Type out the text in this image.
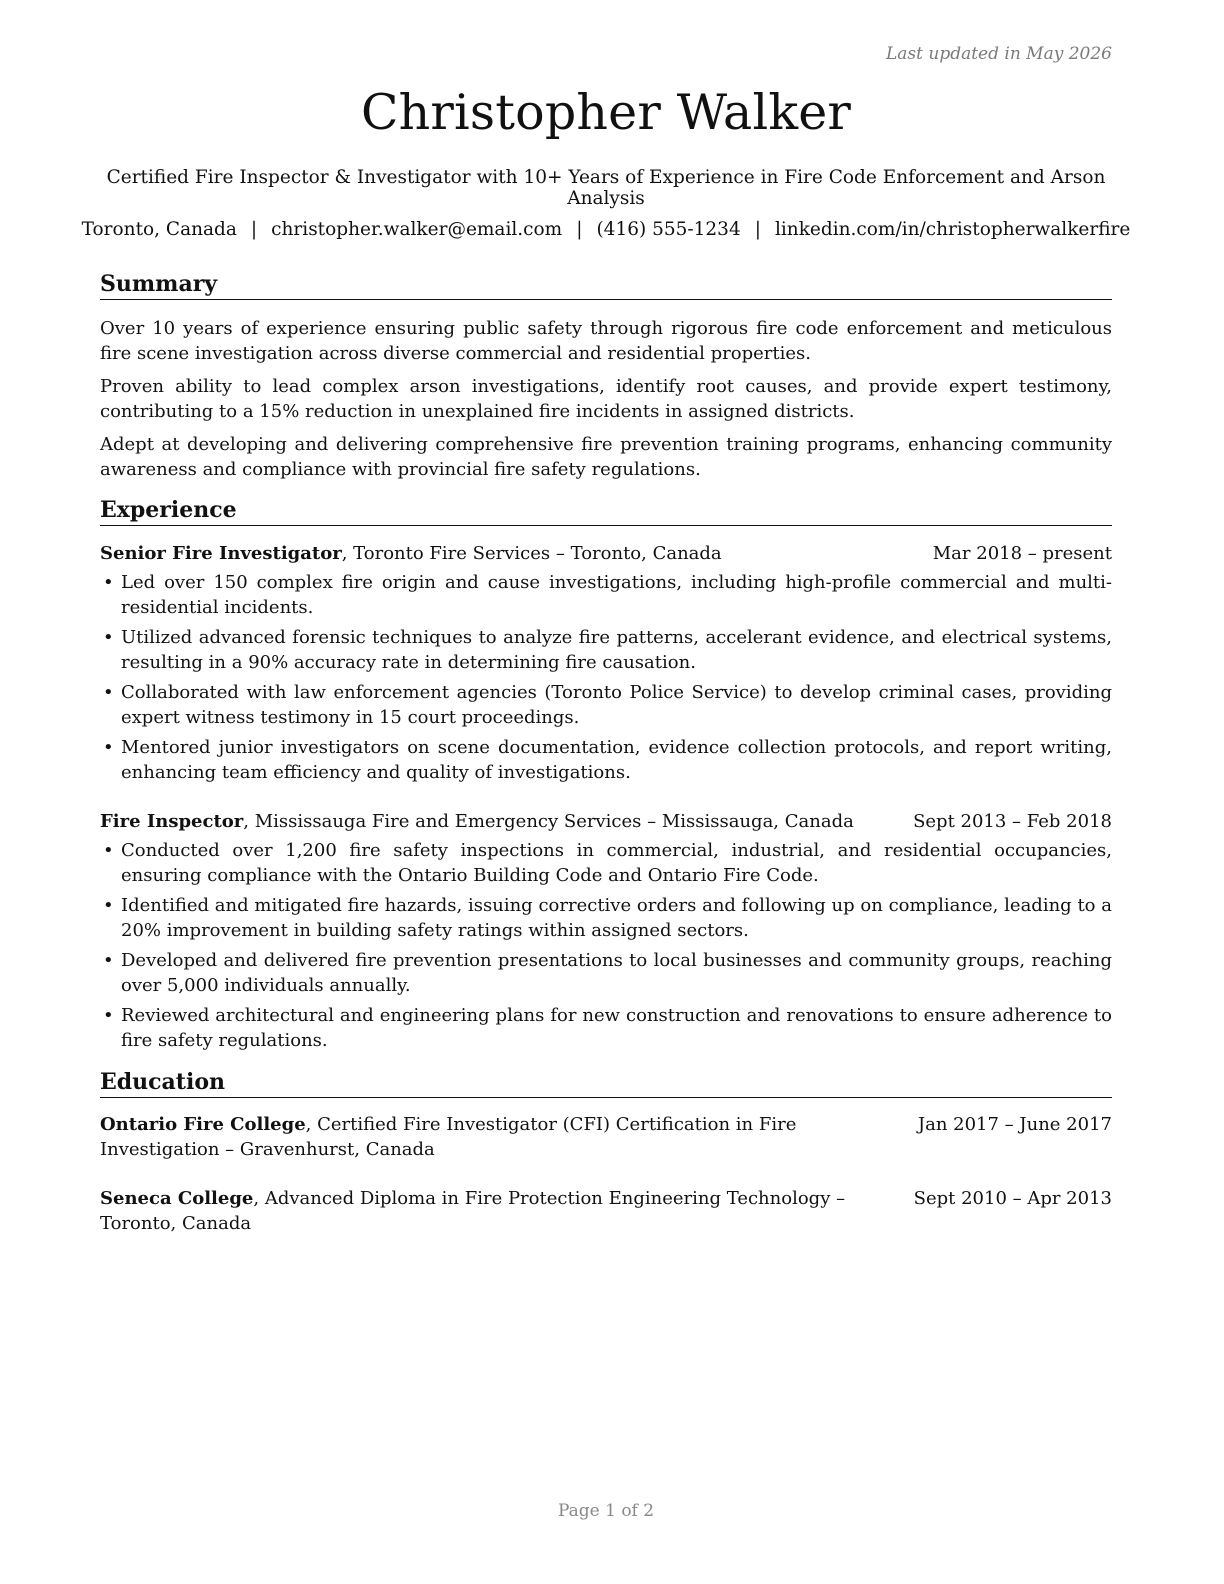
Last updated in May 2026
Christopher Walker
Certified Fire Inspector & Investigator with 10+ Years of Experience in Fire Code Enforcement and Arson Analysis
Toronto, Canada | christopher.walker@email.com | (416) 555-1234 | linkedin.com/in/christopherwalkerfire
Summary

Over 10 years of experience ensuring public safety through rigorous fire code enforcement and meticulous fire scene investigation across diverse commercial and residential properties.

Proven ability to lead complex arson investigations, identify root causes, and provide expert testimony, contributing to a 15% reduction in unexplained fire incidents in assigned districts.

Adept at developing and delivering comprehensive fire prevention training programs, enhancing community awareness and compliance with provincial fire safety regulations.

Experience
Senior Fire Investigator, Toronto Fire Services – Toronto, Canada	Mar 2018 – present
• Led over 150 complex fire origin and cause investigations, including high-profile commercial and multi-residential incidents.
• Utilized advanced forensic techniques to analyze fire patterns, accelerant evidence, and electrical systems, resulting in a 90% accuracy rate in determining fire causation.
• Collaborated with law enforcement agencies (Toronto Police Service) to develop criminal cases, providing expert witness testimony in 15 court proceedings.
• Mentored junior investigators on scene documentation, evidence collection protocols, and report writing, enhancing team efficiency and quality of investigations.
Fire Inspector, Mississauga Fire and Emergency Services – Mississauga, Canada	Sept 2013 – Feb 2018
• Conducted over 1,200 fire safety inspections in commercial, industrial, and residential occupancies, ensuring compliance with the Ontario Building Code and Ontario Fire Code.
• Identified and mitigated fire hazards, issuing corrective orders and following up on compliance, leading to a 20% improvement in building safety ratings within assigned sectors.
• Developed and delivered fire prevention presentations to local businesses and community groups, reaching over 5,000 individuals annually.
• Reviewed architectural and engineering plans for new construction and renovations to ensure adherence to fire safety regulations.
Education
Ontario Fire College, Certified Fire Investigator (CFI) Certification in Fire Investigation – Gravenhurst, Canada
Jan 2017 – June 2017
Seneca College, Advanced Diploma in Fire Protection Engineering Technology – Toronto, Canada
Sept 2010 – Apr 2013
Page 1 of 2
